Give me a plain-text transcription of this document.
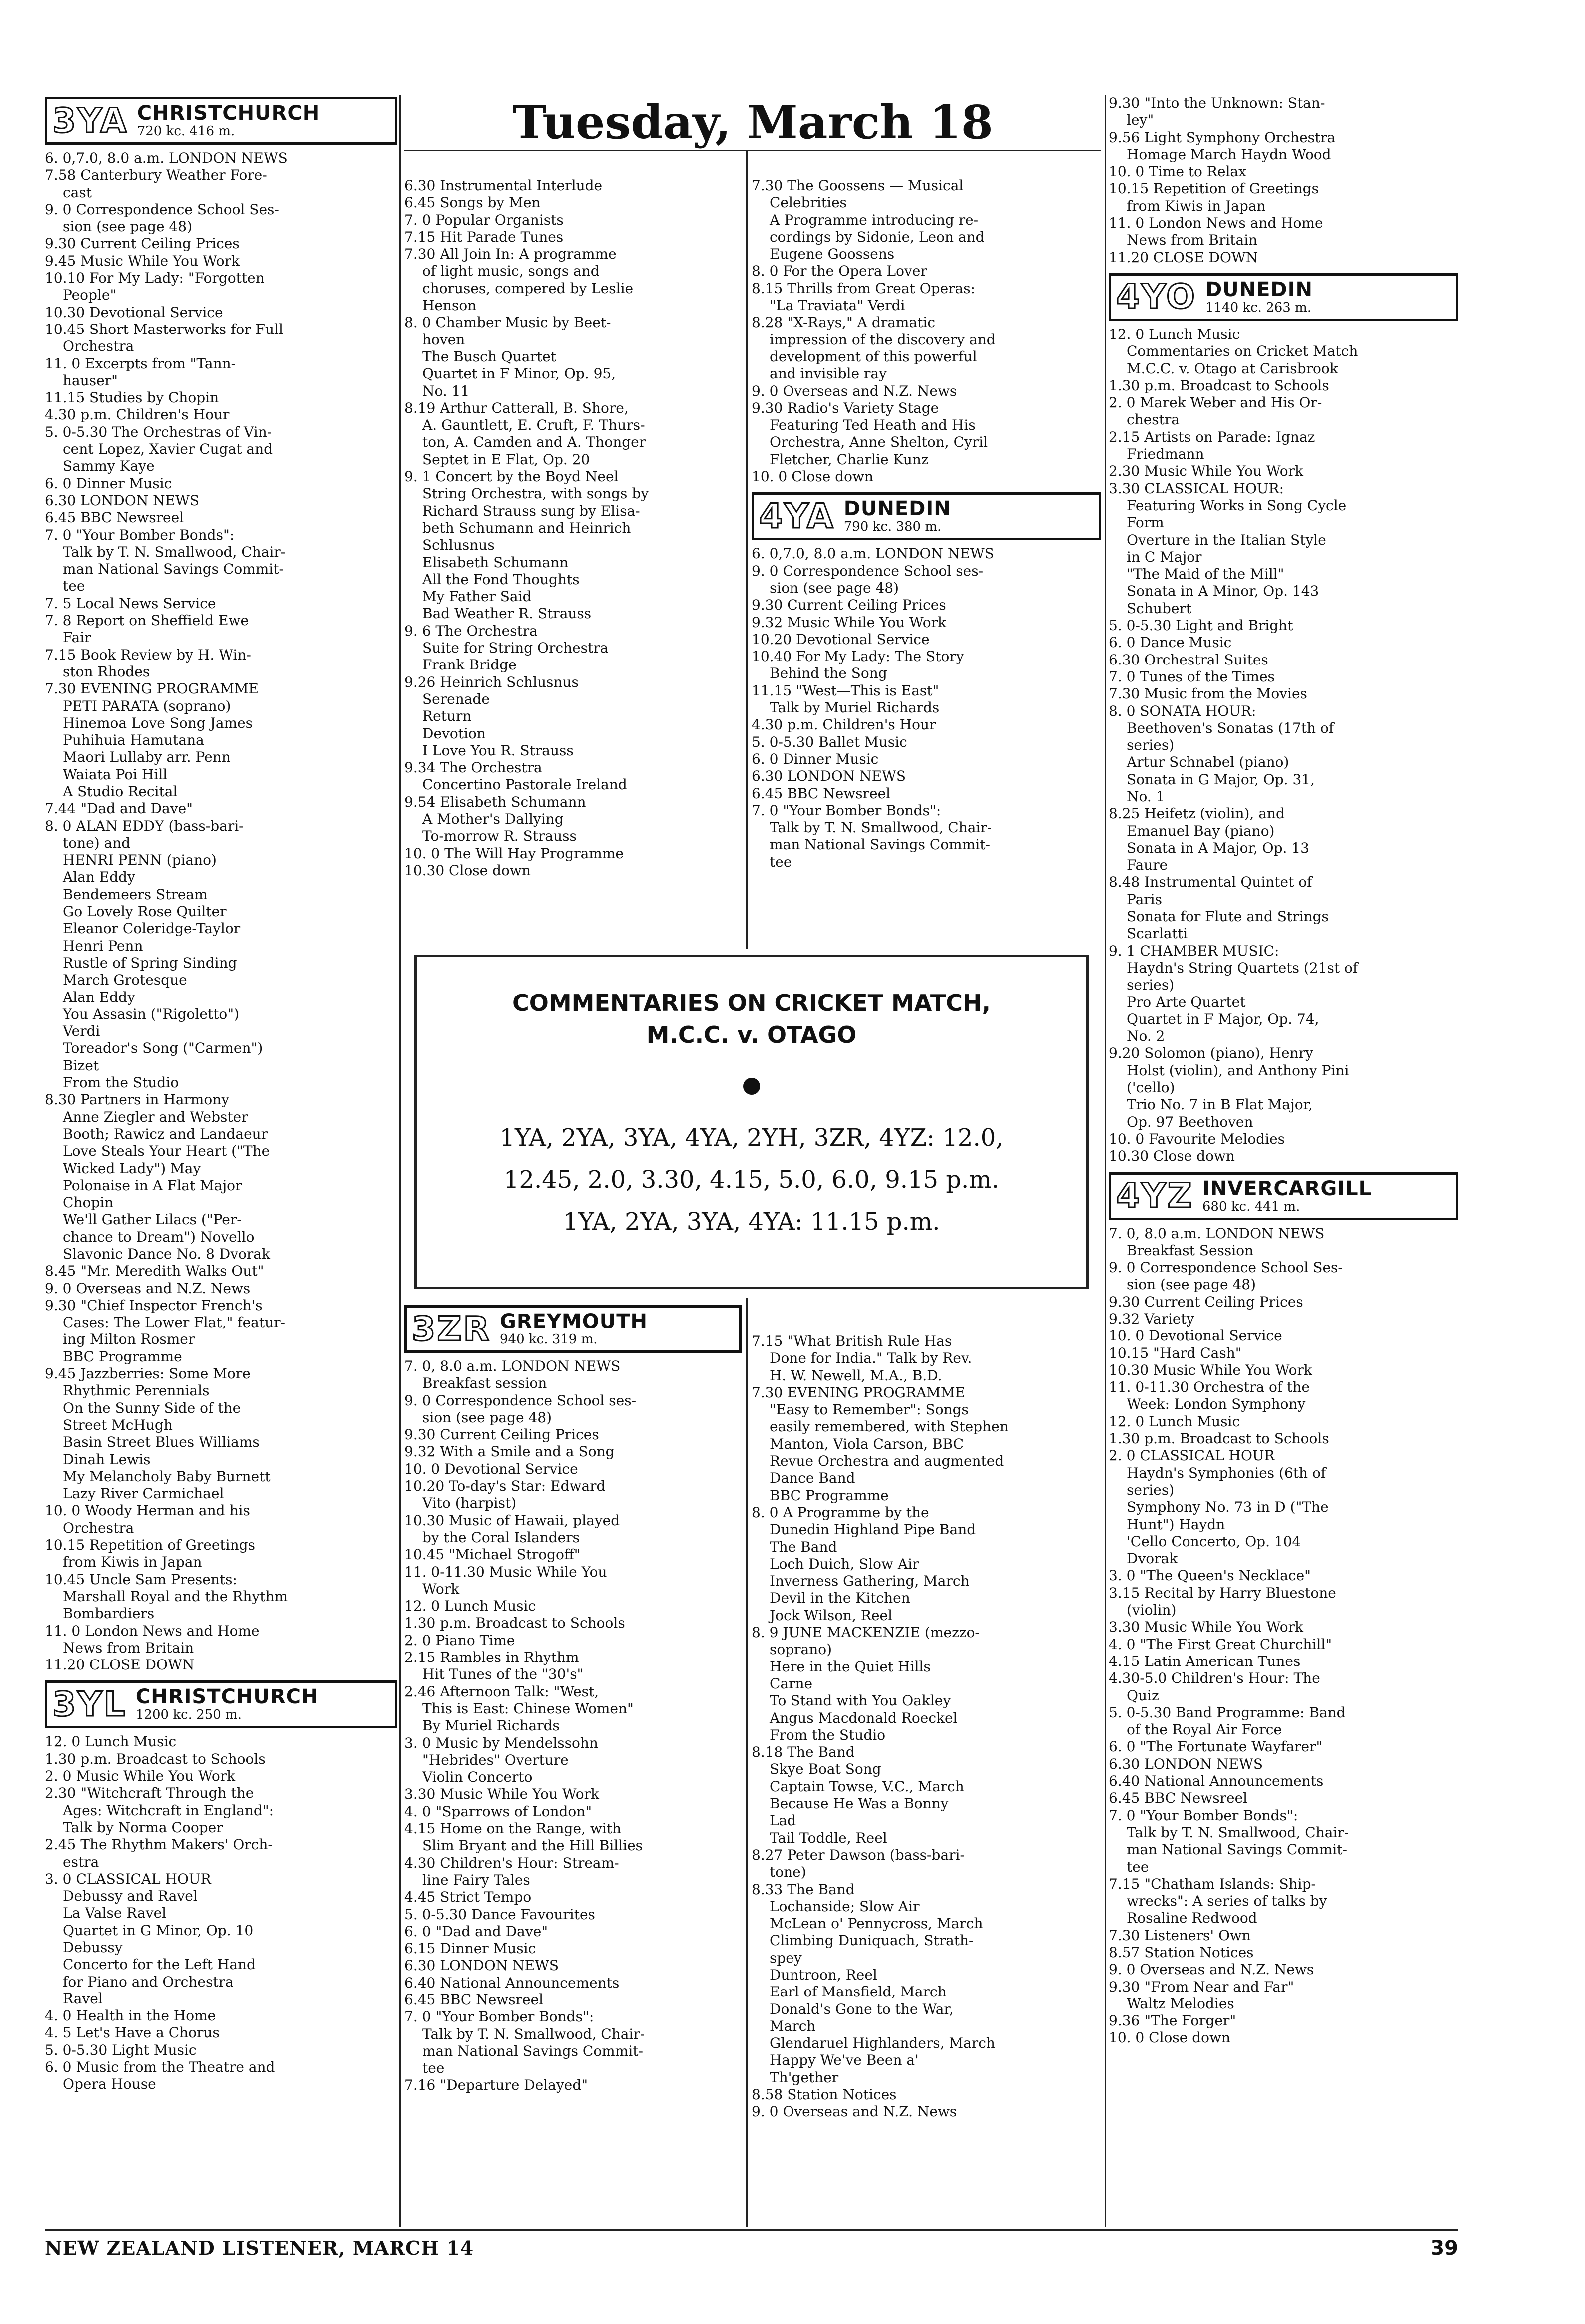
Tuesday, March 18
3YA CHRISTCHURCH
720 kc. 416 m.
6. 0,7.0, 8.0 a.m. LONDON NEWS
7.58 Canterbury Weather Fore-
cast
9. 0 Correspondence School Ses-
sion (see page 48)
9.30 Current Ceiling Prices
9.45 Music While You Work
10.10 For My Lady: "Forgotten
People"
10.30 Devotional Service
10.45 Short Masterworks for Full
Orchestra
11. 0 Excerpts from "Tann-
hauser"
11.15 Studies by Chopin
4.30 p.m. Children's Hour
5. 0-5.30 The Orchestras of Vin-
cent Lopez, Xavier Cugat and
Sammy Kaye
6. 0 Dinner Music
6.30 LONDON NEWS
6.45 BBC Newsreel
7. 0 "Your Bomber Bonds":
Talk by T. N. Smallwood, Chair-
man National Savings Commit-
tee
7. 5 Local News Service
7. 8 Report on Sheffield Ewe
Fair
7.15 Book Review by H. Win-
ston Rhodes
7.30 EVENING PROGRAMME
PETI PARATA (soprano)
Hinemoa Love Song James
Puhihuia Hamutana
Maori Lullaby arr. Penn
Waiata Poi Hill
A Studio Recital
7.44 "Dad and Dave"
8. 0 ALAN EDDY (bass-bari-
tone) and
HENRI PENN (piano)
Alan Eddy
Bendemeers Stream
Go Lovely Rose Quilter
Eleanor Coleridge-Taylor
Henri Penn
Rustle of Spring Sinding
March Grotesque
Alan Eddy
You Assasin ("Rigoletto")
Verdi
Toreador's Song ("Carmen")
Bizet
From the Studio
8.30 Partners in Harmony
Anne Ziegler and Webster
Booth; Rawicz and Landaeur
Love Steals Your Heart ("The
Wicked Lady") May
Polonaise in A Flat Major
Chopin
We'll Gather Lilacs ("Per-
chance to Dream") Novello
Slavonic Dance No. 8 Dvorak
8.45 "Mr. Meredith Walks Out"
9. 0 Overseas and N.Z. News
9.30 "Chief Inspector French's
Cases: The Lower Flat," featur-
ing Milton Rosmer
BBC Programme
9.45 Jazzberries: Some More
Rhythmic Perennials
On the Sunny Side of the
Street McHugh
Basin Street Blues Williams
Dinah Lewis
My Melancholy Baby Burnett
Lazy River Carmichael
10. 0 Woody Herman and his
Orchestra
10.15 Repetition of Greetings
from Kiwis in Japan
10.45 Uncle Sam Presents:
Marshall Royal and the Rhythm
Bombardiers
11. 0 London News and Home
News from Britain
11.20 CLOSE DOWN
3YL CHRISTCHURCH
1200 kc. 250 m.
12. 0 Lunch Music
1.30 p.m. Broadcast to Schools
2. 0 Music While You Work
2.30 "Witchcraft Through the
Ages: Witchcraft in England":
Talk by Norma Cooper
2.45 The Rhythm Makers' Orch-
estra
3. 0 CLASSICAL HOUR
Debussy and Ravel
La Valse Ravel
Quartet in G Minor, Op. 10
Debussy
Concerto for the Left Hand
for Piano and Orchestra
Ravel
4. 0 Health in the Home
4. 5 Let's Have a Chorus
5. 0-5.30 Light Music
6. 0 Music from the Theatre and
Opera House
6.30 Instrumental Interlude
6.45 Songs by Men
7. 0 Popular Organists
7.15 Hit Parade Tunes
7.30 All Join In: A programme
of light music, songs and
choruses, compered by Leslie
Henson
8. 0 Chamber Music by Beet-
hoven
The Busch Quartet
Quartet in F Minor, Op. 95,
No. 11
8.19 Arthur Catterall, B. Shore,
A. Gauntlett, E. Cruft, F. Thurs-
ton, A. Camden and A. Thonger
Septet in E Flat, Op. 20
9. 1 Concert by the Boyd Neel
String Orchestra, with songs by
Richard Strauss sung by Elisa-
beth Schumann and Heinrich
Schlusnus
Elisabeth Schumann
All the Fond Thoughts
My Father Said
Bad Weather R. Strauss
9. 6 The Orchestra
Suite for String Orchestra
Frank Bridge
9.26 Heinrich Schlusnus
Serenade
Return
Devotion
I Love You R. Strauss
9.34 The Orchestra
Concertino Pastorale Ireland
9.54 Elisabeth Schumann
A Mother's Dallying
To-morrow R. Strauss
10. 0 The Will Hay Programme
10.30 Close down
7.30 The Goossens — Musical
Celebrities
A Programme introducing re-
cordings by Sidonie, Leon and
Eugene Goossens
8. 0 For the Opera Lover
8.15 Thrills from Great Operas:
"La Traviata" Verdi
8.28 "X-Rays," A dramatic
impression of the discovery and
development of this powerful
and invisible ray
9. 0 Overseas and N.Z. News
9.30 Radio's Variety Stage
Featuring Ted Heath and His
Orchestra, Anne Shelton, Cyril
Fletcher, Charlie Kunz
10. 0 Close down
4YA DUNEDIN
790 kc. 380 m.
6. 0,7.0, 8.0 a.m. LONDON NEWS
9. 0 Correspondence School ses-
sion (see page 48)
9.30 Current Ceiling Prices
9.32 Music While You Work
10.20 Devotional Service
10.40 For My Lady: The Story
Behind the Song
11.15 "West—This is East"
Talk by Muriel Richards
4.30 p.m. Children's Hour
5. 0-5.30 Ballet Music
6. 0 Dinner Music
6.30 LONDON NEWS
6.45 BBC Newsreel
7. 0 "Your Bomber Bonds":
Talk by T. N. Smallwood, Chair-
man National Savings Commit-
tee
COMMENTARIES ON CRICKET MATCH,
M.C.C. v. OTAGO
1YA, 2YA, 3YA, 4YA, 2YH, 3ZR, 4YZ: 12.0,
12.45, 2.0, 3.30, 4.15, 5.0, 6.0, 9.15 p.m.
1YA, 2YA, 3YA, 4YA: 11.15 p.m.
3ZR GREYMOUTH
940 kc. 319 m.
7. 0, 8.0 a.m. LONDON NEWS
Breakfast session
9. 0 Correspondence School ses-
sion (see page 48)
9.30 Current Ceiling Prices
9.32 With a Smile and a Song
10. 0 Devotional Service
10.20 To-day's Star: Edward
Vito (harpist)
10.30 Music of Hawaii, played
by the Coral Islanders
10.45 "Michael Strogoff"
11. 0-11.30 Music While You
Work
12. 0 Lunch Music
1.30 p.m. Broadcast to Schools
2. 0 Piano Time
2.15 Rambles in Rhythm
Hit Tunes of the "30's"
2.46 Afternoon Talk: "West,
This is East: Chinese Women"
By Muriel Richards
3. 0 Music by Mendelssohn
"Hebrides" Overture
Violin Concerto
3.30 Music While You Work
4. 0 "Sparrows of London"
4.15 Home on the Range, with
Slim Bryant and the Hill Billies
4.30 Children's Hour: Stream-
line Fairy Tales
4.45 Strict Tempo
5. 0-5.30 Dance Favourites
6. 0 "Dad and Dave"
6.15 Dinner Music
6.30 LONDON NEWS
6.40 National Announcements
6.45 BBC Newsreel
7. 0 "Your Bomber Bonds":
Talk by T. N. Smallwood, Chair-
man National Savings Commit-
tee
7.16 "Departure Delayed"
7.15 "What British Rule Has
Done for India." Talk by Rev.
H. W. Newell, M.A., B.D.
7.30 EVENING PROGRAMME
"Easy to Remember": Songs
easily remembered, with Stephen
Manton, Viola Carson, BBC
Revue Orchestra and augmented
Dance Band
BBC Programme
8. 0 A Programme by the
Dunedin Highland Pipe Band
The Band
Loch Duich, Slow Air
Inverness Gathering, March
Devil in the Kitchen
Jock Wilson, Reel
8. 9 JUNE MACKENZIE (mezzo-
soprano)
Here in the Quiet Hills
Carne
To Stand with You Oakley
Angus Macdonald Roeckel
From the Studio
8.18 The Band
Skye Boat Song
Captain Towse, V.C., March
Because He Was a Bonny
Lad
Tail Toddle, Reel
8.27 Peter Dawson (bass-bari-
tone)
8.33 The Band
Lochanside; Slow Air
McLean o' Pennycross, March
Climbing Duniquach, Strath-
spey
Duntroon, Reel
Earl of Mansfield, March
Donald's Gone to the War,
March
Glendaruel Highlanders, March
Happy We've Been a'
Th'gether
8.58 Station Notices
9. 0 Overseas and N.Z. News
9.30 "Into the Unknown: Stan-
ley"
9.56 Light Symphony Orchestra
Homage March Haydn Wood
10. 0 Time to Relax
10.15 Repetition of Greetings
from Kiwis in Japan
11. 0 London News and Home
News from Britain
11.20 CLOSE DOWN
4YO DUNEDIN
1140 kc. 263 m.
12. 0 Lunch Music
Commentaries on Cricket Match
M.C.C. v. Otago at Carisbrook
1.30 p.m. Broadcast to Schools
2. 0 Marek Weber and His Or-
chestra
2.15 Artists on Parade: Ignaz
Friedmann
2.30 Music While You Work
3.30 CLASSICAL HOUR:
Featuring Works in Song Cycle
Form
Overture in the Italian Style
in C Major
"The Maid of the Mill"
Sonata in A Minor, Op. 143
Schubert
5. 0-5.30 Light and Bright
6. 0 Dance Music
6.30 Orchestral Suites
7. 0 Tunes of the Times
7.30 Music from the Movies
8. 0 SONATA HOUR:
Beethoven's Sonatas (17th of
series)
Artur Schnabel (piano)
Sonata in G Major, Op. 31,
No. 1
8.25 Heifetz (violin), and
Emanuel Bay (piano)
Sonata in A Major, Op. 13
Faure
8.48 Instrumental Quintet of
Paris
Sonata for Flute and Strings
Scarlatti
9. 1 CHAMBER MUSIC:
Haydn's String Quartets (21st of
series)
Pro Arte Quartet
Quartet in F Major, Op. 74,
No. 2
9.20 Solomon (piano), Henry
Holst (violin), and Anthony Pini
('cello)
Trio No. 7 in B Flat Major,
Op. 97 Beethoven
10. 0 Favourite Melodies
10.30 Close down
4YZ INVERCARGILL
680 kc. 441 m.
7. 0, 8.0 a.m. LONDON NEWS
Breakfast Session
9. 0 Correspondence School Ses-
sion (see page 48)
9.30 Current Ceiling Prices
9.32 Variety
10. 0 Devotional Service
10.15 "Hard Cash"
10.30 Music While You Work
11. 0-11.30 Orchestra of the
Week: London Symphony
12. 0 Lunch Music
1.30 p.m. Broadcast to Schools
2. 0 CLASSICAL HOUR
Haydn's Symphonies (6th of
series)
Symphony No. 73 in D ("The
Hunt") Haydn
'Cello Concerto, Op. 104
Dvorak
3. 0 "The Queen's Necklace"
3.15 Recital by Harry Bluestone
(violin)
3.30 Music While You Work
4. 0 "The First Great Churchill"
4.15 Latin American Tunes
4.30-5.0 Children's Hour: The
Quiz
5. 0-5.30 Band Programme: Band
of the Royal Air Force
6. 0 "The Fortunate Wayfarer"
6.30 LONDON NEWS
6.40 National Announcements
6.45 BBC Newsreel
7. 0 "Your Bomber Bonds":
Talk by T. N. Smallwood, Chair-
man National Savings Commit-
tee
7.15 "Chatham Islands: Ship-
wrecks": A series of talks by
Rosaline Redwood
7.30 Listeners' Own
8.57 Station Notices
9. 0 Overseas and N.Z. News
9.30 "From Near and Far"
Waltz Melodies
9.36 "The Forger"
10. 0 Close down
NEW ZEALAND LISTENER, MARCH 14	39
